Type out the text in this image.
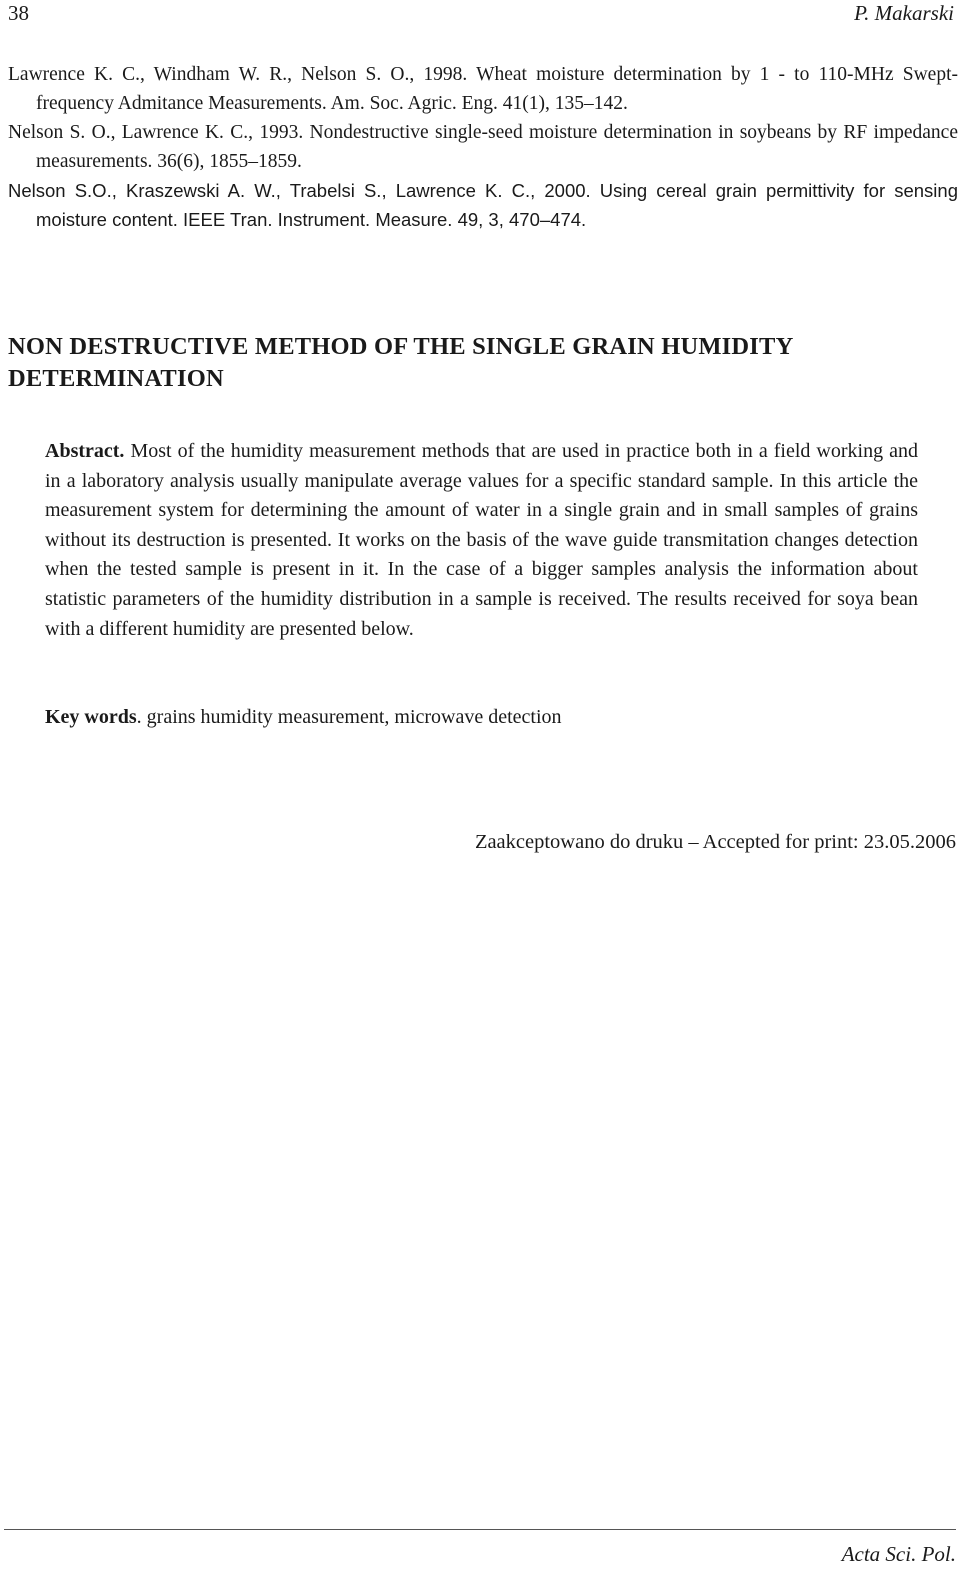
38	P. Makarski
Lawrence K. C., Windham W. R., Nelson S. O., 1998. Wheat moisture determination by 1 - to 110-MHz Swept-frequency Admitance Measurements. Am. Soc. Agric. Eng. 41(1), 135–142.
Nelson S. O., Lawrence K. C., 1993. Nondestructive single-seed moisture determination in soybeans by RF impedance measurements. 36(6), 1855–1859.
Nelson S.O., Kraszewski A. W., Trabelsi S., Lawrence K. C., 2000. Using cereal grain permittivity for sensing moisture content. IEEE Tran. Instrument. Measure. 49, 3, 470–474.
NON DESTRUCTIVE METHOD OF THE SINGLE GRAIN HUMIDITY DETERMINATION

Abstract. Most of the humidity measurement methods that are used in practice both in a field working and in a laboratory analysis usually manipulate average values for a specific standard sample. In this article the measurement system for determining the amount of water in a single grain and in small samples of grains without its destruction is presented. It works on the basis of the wave guide transmitation changes detection when the tested sample is present in it. In the case of a bigger samples analysis the information about statistic parameters of the humidity distribution in a sample is received. The results received for soya bean with a different humidity are presented below.

Key words. grains humidity measurement, microwave detection

Zaakceptowano do druku – Accepted for print: 23.05.2006

Acta Sci. Pol.
